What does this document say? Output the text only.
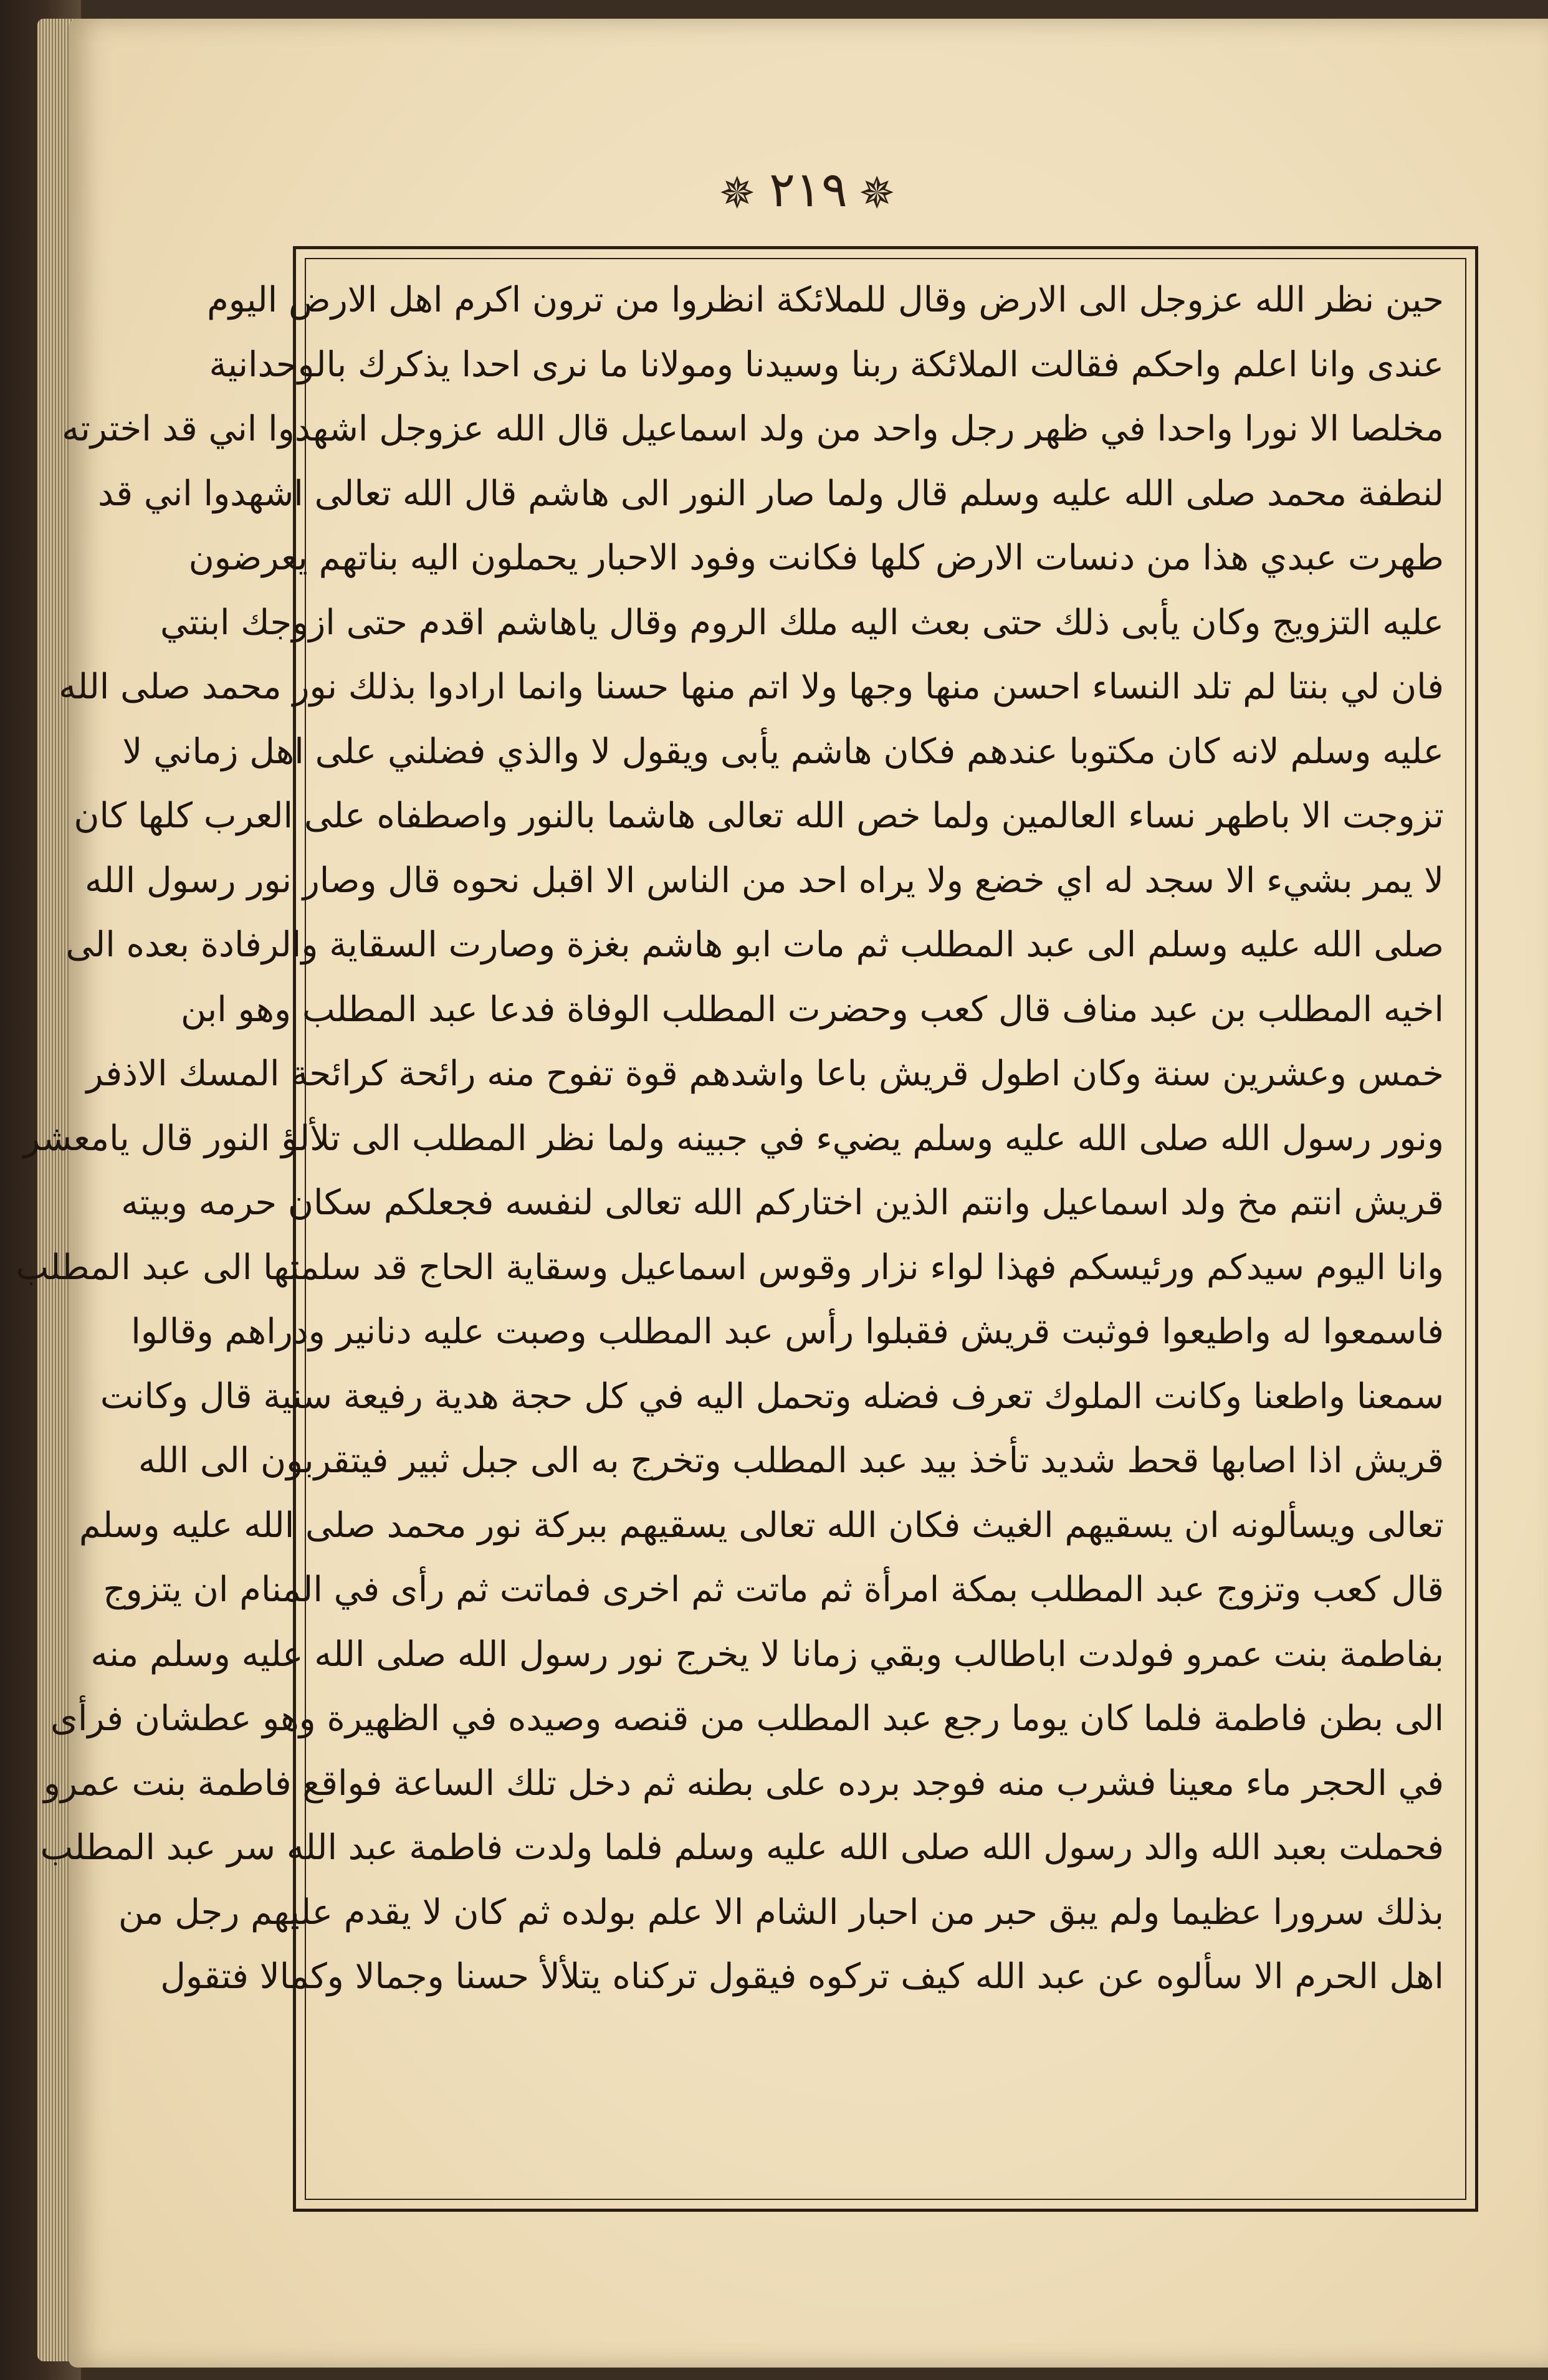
✵ ٢١٩ ✵
حين نظر الله عزوجل الى الارض وقال للملائكة انظروا من ترون اكرم اهل الارض اليوم
عندى وانا اعلم واحكم فقالت الملائكة ربنا وسيدنا ومولانا ما نرى احدا يذكرك بالوحدانية
مخلصا الا نورا واحدا في ظهر رجل واحد من ولد اسماعيل قال الله عزوجل اشهدوا اني قد اخترته
لنطفة محمد صلى الله عليه وسلم قال ولما صار النور الى هاشم قال الله تعالى اشهدوا اني قد
طهرت عبدي هذا من دنسات الارض كلها فكانت وفود الاحبار يحملون اليه بناتهم يعرضون
عليه التزويج وكان يأبى ذلك حتى بعث اليه ملك الروم وقال ياهاشم اقدم حتى ازوجك ابنتي
فان لي بنتا لم تلد النساء احسن منها وجها ولا اتم منها حسنا وانما ارادوا بذلك نور محمد صلى الله
عليه وسلم لانه كان مكتوبا عندهم فكان هاشم يأبى ويقول لا والذي فضلني على اهل زماني لا
تزوجت الا باطهر نساء العالمين ولما خص الله تعالى هاشما بالنور واصطفاه على العرب كلها كان
لا يمر بشيء الا سجد له اي خضع ولا يراه احد من الناس الا اقبل نحوه قال وصار نور رسول الله
صلى الله عليه وسلم الى عبد المطلب ثم مات ابو هاشم بغزة وصارت السقاية والرفادة بعده الى
اخيه المطلب بن عبد مناف قال كعب وحضرت المطلب الوفاة فدعا عبد المطلب وهو ابن
خمس وعشرين سنة وكان اطول قريش باعا واشدهم قوة تفوح منه رائحة كرائحة المسك الاذفر
ونور رسول الله صلى الله عليه وسلم يضيء في جبينه ولما نظر المطلب الى تلألؤ النور قال يامعشر
قريش انتم مخ ولد اسماعيل وانتم الذين اختاركم الله تعالى لنفسه فجعلكم سكان حرمه وبيته
وانا اليوم سيدكم ورئيسكم فهذا لواء نزار وقوس اسماعيل وسقاية الحاج قد سلمتها الى عبد المطلب
فاسمعوا له واطيعوا فوثبت قريش فقبلوا رأس عبد المطلب وصبت عليه دنانير ودراهم وقالوا
سمعنا واطعنا وكانت الملوك تعرف فضله وتحمل اليه في كل حجة هدية رفيعة سنية قال وكانت
قريش اذا اصابها قحط شديد تأخذ بيد عبد المطلب وتخرج به الى جبل ثبير فيتقربون الى الله
تعالى ويسألونه ان يسقيهم الغيث فكان الله تعالى يسقيهم ببركة نور محمد صلى الله عليه وسلم
قال كعب وتزوج عبد المطلب بمكة امرأة ثم ماتت ثم اخرى فماتت ثم رأى في المنام ان يتزوج
بفاطمة بنت عمرو فولدت اباطالب وبقي زمانا لا يخرج نور رسول الله صلى الله عليه وسلم منه
الى بطن فاطمة فلما كان يوما رجع عبد المطلب من قنصه وصيده في الظهيرة وهو عطشان فرأى
في الحجر ماء معينا فشرب منه فوجد برده على بطنه ثم دخل تلك الساعة فواقع فاطمة بنت عمرو
فحملت بعبد الله والد رسول الله صلى الله عليه وسلم فلما ولدت فاطمة عبد الله سر عبد المطلب
بذلك سرورا عظيما ولم يبق حبر من احبار الشام الا علم بولده ثم كان لا يقدم عليهم رجل من
اهل الحرم الا سألوه عن عبد الله كيف تركوه فيقول تركناه يتلألأ حسنا وجمالا وكمالا فتقول
